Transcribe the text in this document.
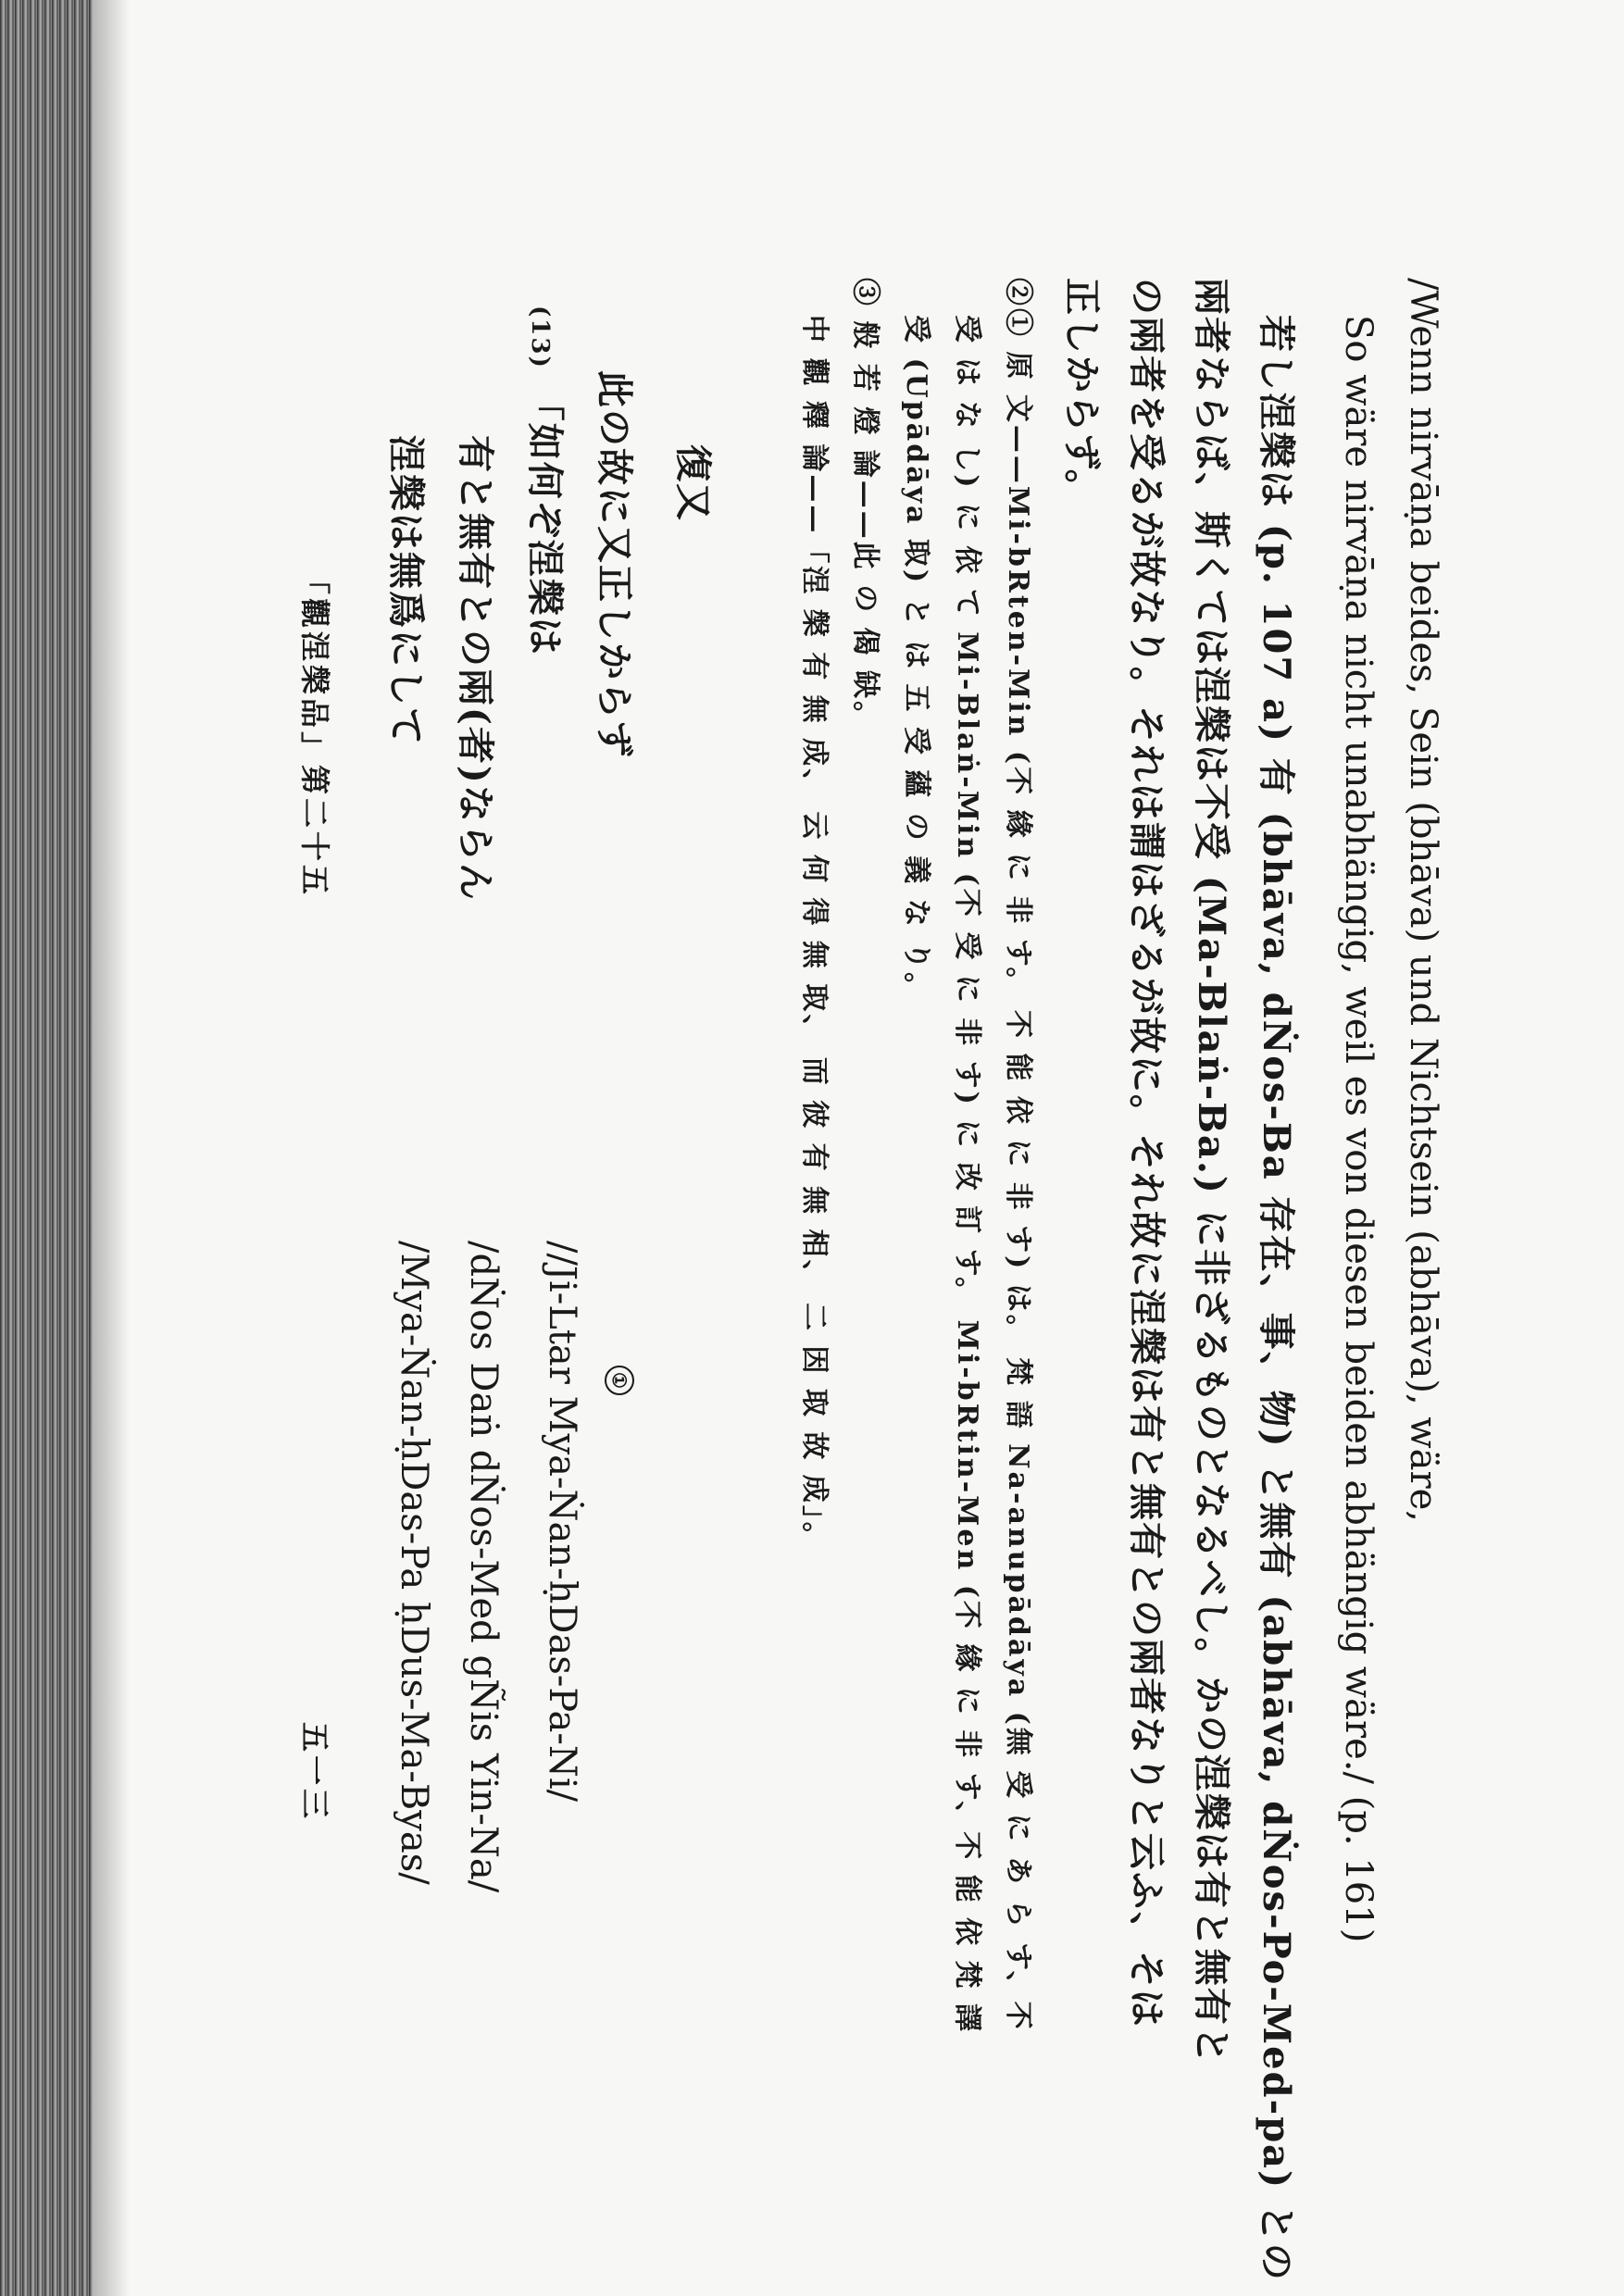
/Wenn nirvāṇa beides, Sein (bhāva) und Nichtsein (abhāva), wäre,
So wäre nirvāṇa nicht unabhängig, weil es von diesen beiden abhängig wäre./ (p. 161)
若し涅槃は (p. 107 a) 有 (bhāva, dṄos-Ba 存在、事、物) と無有 (abhāva, dṄos-Po-Med-pa) との
兩者ならば、斯くては涅槃は不受 (Ma-Blaṅ-Ba.) に非ざるものとなるべし。かの涅槃は有と無有と
の兩者を受るが故なり。それは謂はざるが故に。それ故に涅槃は有と無有との兩者なりと云ふ、そは
正しからず。
②① 原 文——Mi-bRten-Min (不 緣 に 非 す。 不 能 依 に 非 す) は。 梵 語 Na-anupādāya (無 受 に あ ら す、不
受 は な し) に 依 て Mi-Blaṅ-Min (不 受 に 非 す) に 改 訂 す。 Mi-bRtin-Men (不 緣 に 非 す、不 能 依 梵 譯
受 (Upādāya 取) と は 五 受 蘊 の 義 な り。
③ 般 若 燈 論——此 の 偈 缺。
中 觀 釋 論——「涅 槃 有 無 成、 云 何 得 無 取、 而 彼 有 無 相、 二 因 取 故 成」。
復又
此の故に又正しからず
(13) 「如何ぞ涅槃は
有と無有との兩(者)ならん
涅槃は無爲にして
//Ji-Ltar Mya-Ṅan-ḥDas-Pa-Ni/ ①
/dṄos Daṅ dṄos-Med gÑis Yin-Na/
/Mya-Ṅan-ḥDas-Pa ḥDus-Ma-Byas/
「觀涅槃品」第二十五
五一三
